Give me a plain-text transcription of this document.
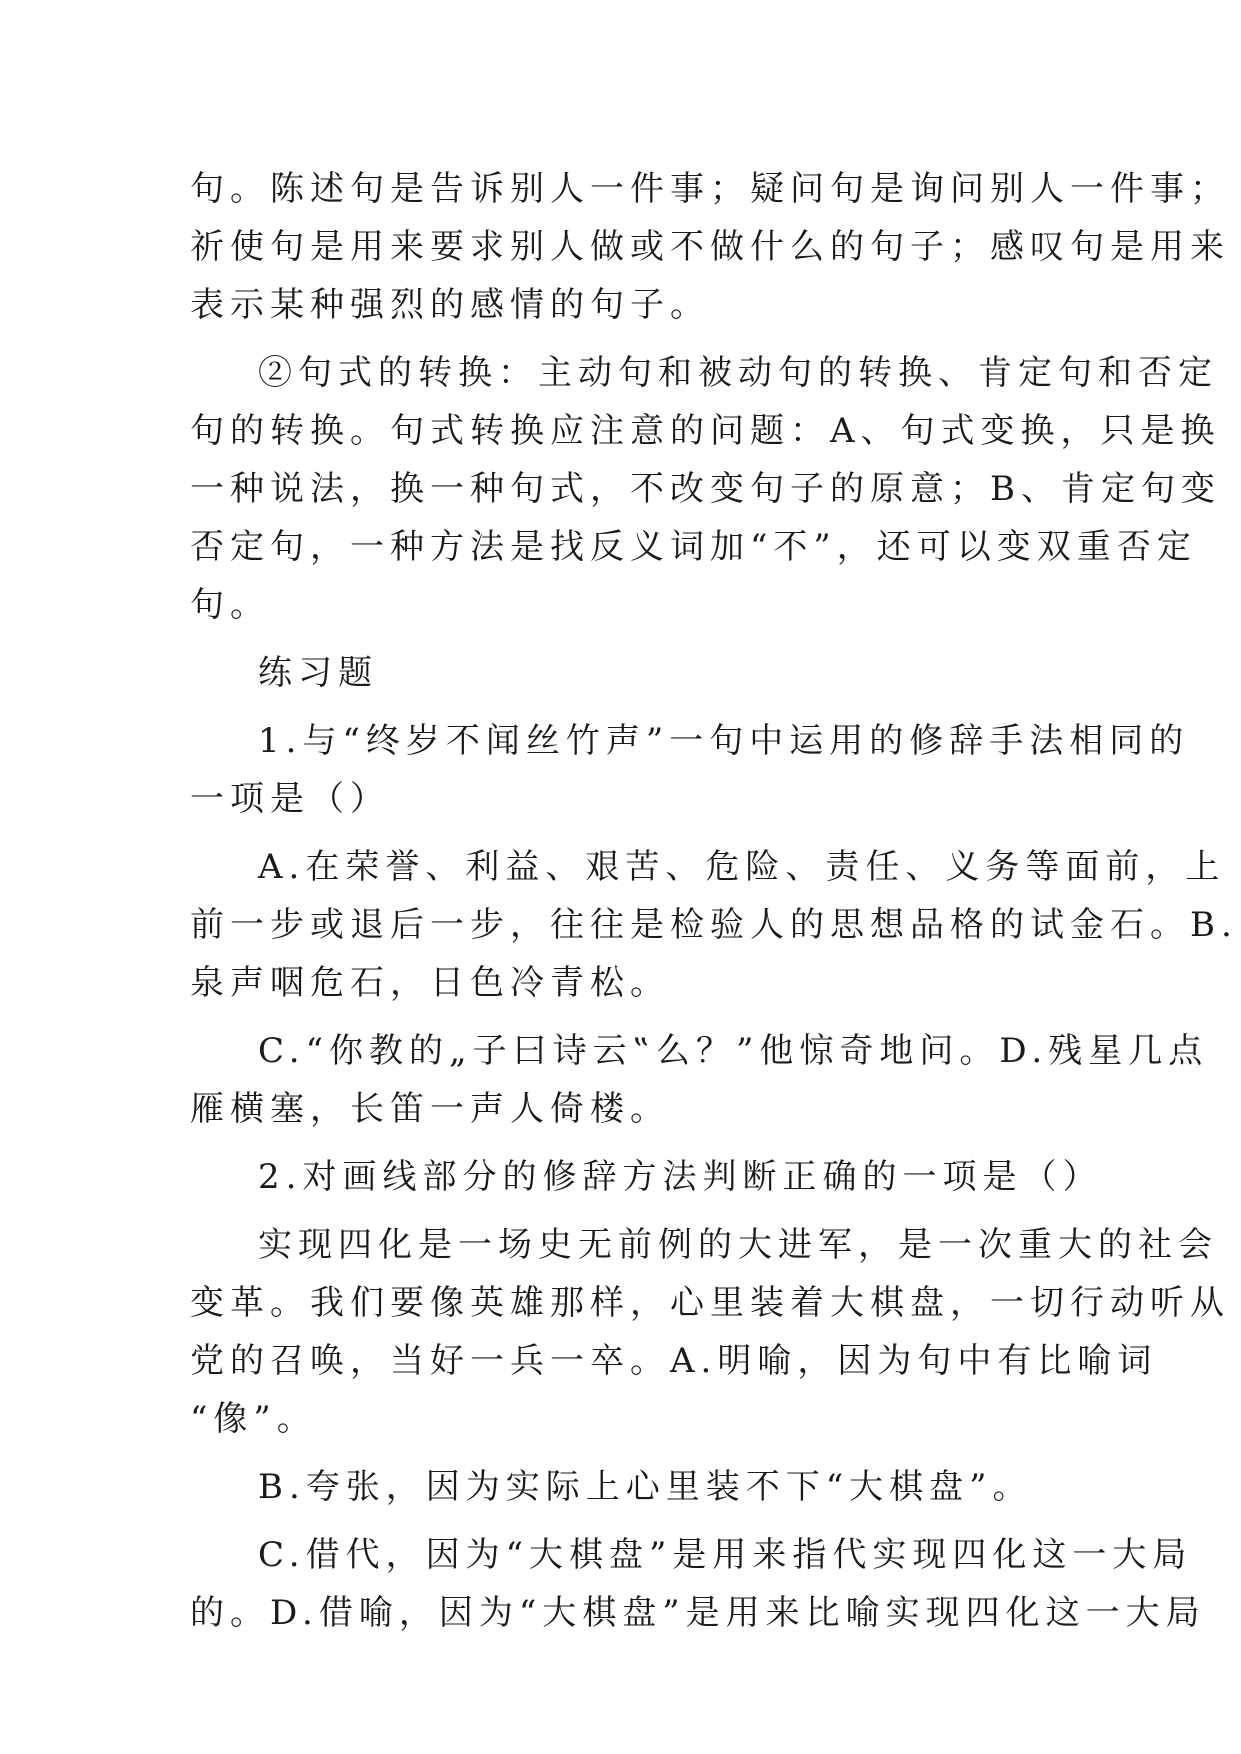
句。陈述句是告诉别人一件事；疑问句是询问别人一件事；
祈使句是用来要求别人做或不做什么的句子；感叹句是用来
表示某种强烈的感情的句子。
②句式的转换：主动句和被动句的转换、肯定句和否定
句的转换。句式转换应注意的问题：A、句式变换，只是换
一种说法，换一种句式，不改变句子的原意；B、肯定句变
否定句，一种方法是找反义词加“不”，还可以变双重否定
句。
练习题
1.与“终岁不闻丝竹声”一句中运用的修辞手法相同的
一项是（）
A.在荣誉、利益、艰苦、危险、责任、义务等面前，上
前一步或退后一步，往往是检验人的思想品格的试金石。B.
泉声咽危石，日色冷青松。
C.“你教的„子曰诗云‟么？”他惊奇地问。D.残星几点
雁横塞，长笛一声人倚楼。
2.对画线部分的修辞方法判断正确的一项是（）
实现四化是一场史无前例的大进军，是一次重大的社会
变革。我们要像英雄那样，心里装着大棋盘，一切行动听从
党的召唤，当好一兵一卒。A.明喻，因为句中有比喻词
“像”。
B.夸张，因为实际上心里装不下“大棋盘”。
C.借代，因为“大棋盘”是用来指代实现四化这一大局
的。D.借喻，因为“大棋盘”是用来比喻实现四化这一大局
